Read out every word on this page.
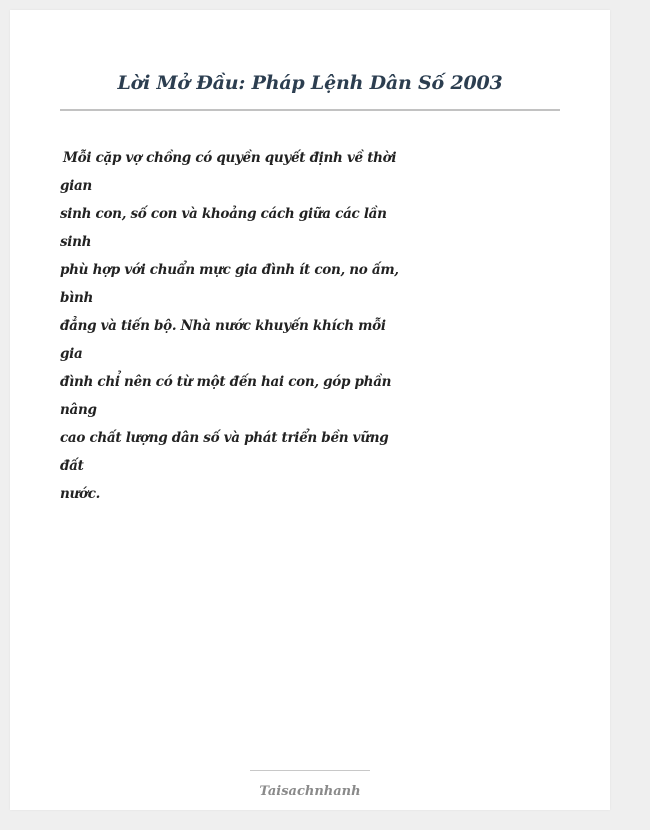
Lời Mở Đầu: Pháp Lệnh Dân Số 2003
Mỗi cặp vợ chồng có quyền quyết định về thời
gian
sinh con, số con và khoảng cách giữa các lần
sinh
phù hợp với chuẩn mực gia đình ít con, no ấm,
bình
đẳng và tiến bộ. Nhà nước khuyến khích mỗi
gia
đình chỉ nên có từ một đến hai con, góp phần
nâng
cao chất lượng dân số và phát triển bền vững
đất
nước.
Taisachnhanh
